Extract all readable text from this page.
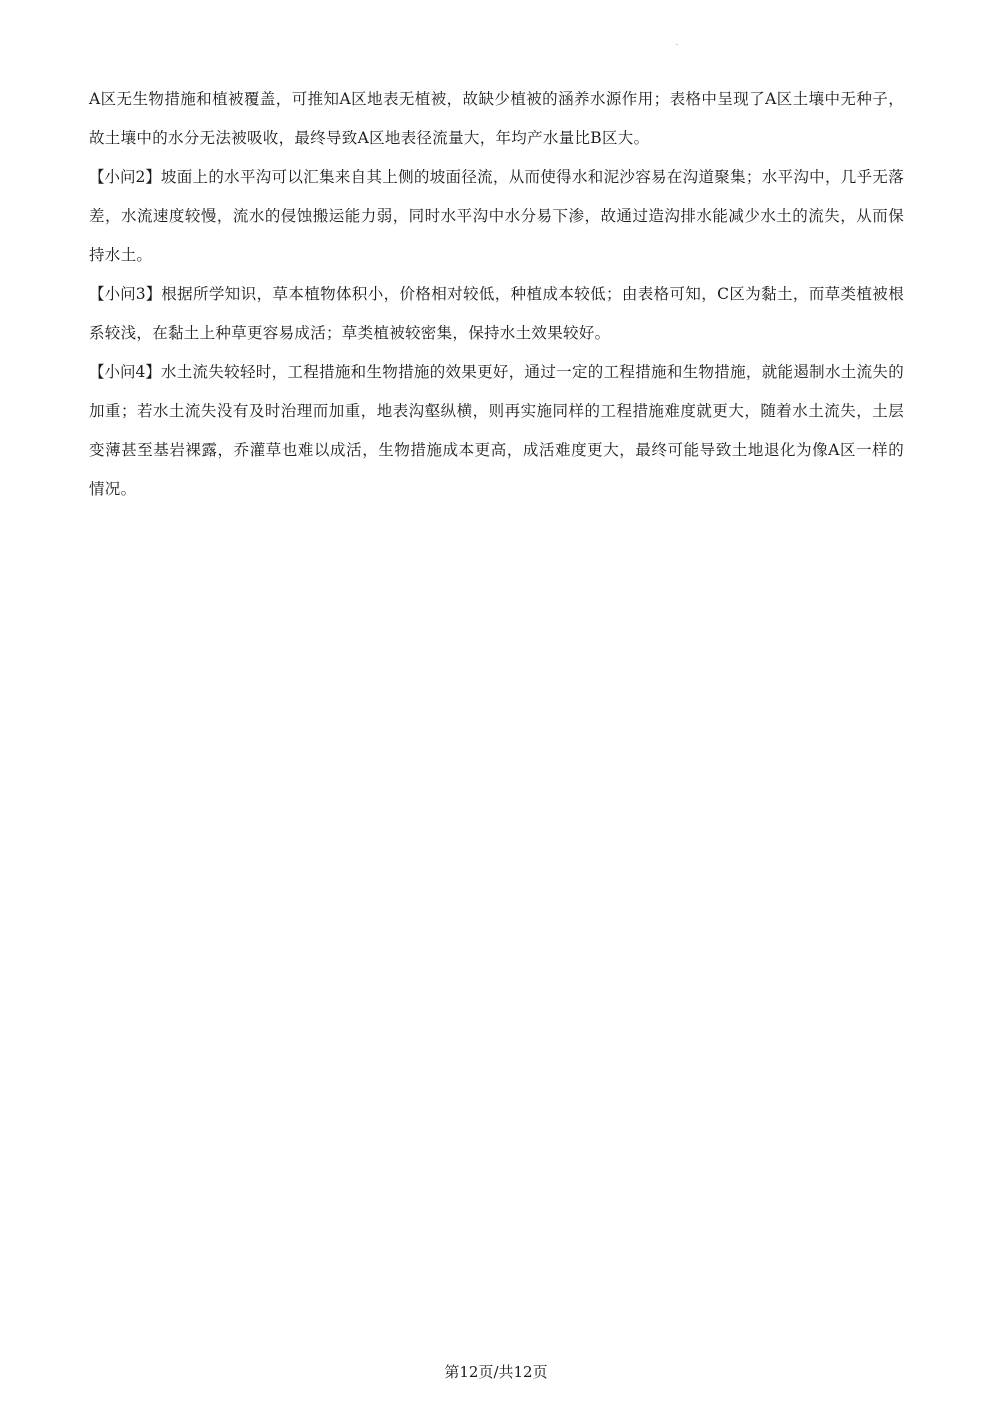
A区无生物措施和植被覆盖，可推知A区地表无植被，故缺少植被的涵养水源作用；表格中呈现了A区土壤中无种子，故土壤中的水分无法被吸收，最终导致A区地表径流量大，年均产水量比B区大。

【小问2】坡面上的水平沟可以汇集来自其上侧的坡面径流，从而使得水和泥沙容易在沟道聚集；水平沟中，几乎无落差，水流速度较慢，流水的侵蚀搬运能力弱，同时水平沟中水分易下渗，故通过造沟排水能减少水土的流失，从而保持水土。

【小问3】根据所学知识，草本植物体积小，价格相对较低，种植成本较低；由表格可知，C区为黏土，而草类植被根系较浅，在黏土上种草更容易成活；草类植被较密集，保持水土效果较好。

【小问4】水土流失较轻时，工程措施和生物措施的效果更好，通过一定的工程措施和生物措施，就能遏制水土流失的加重；若水土流失没有及时治理而加重，地表沟壑纵横，则再实施同样的工程措施难度就更大，随着水土流失，土层变薄甚至基岩裸露，乔灌草也难以成活，生物措施成本更高，成活难度更大，最终可能导致土地退化为像A区一样的情况。

第12页/共12页
